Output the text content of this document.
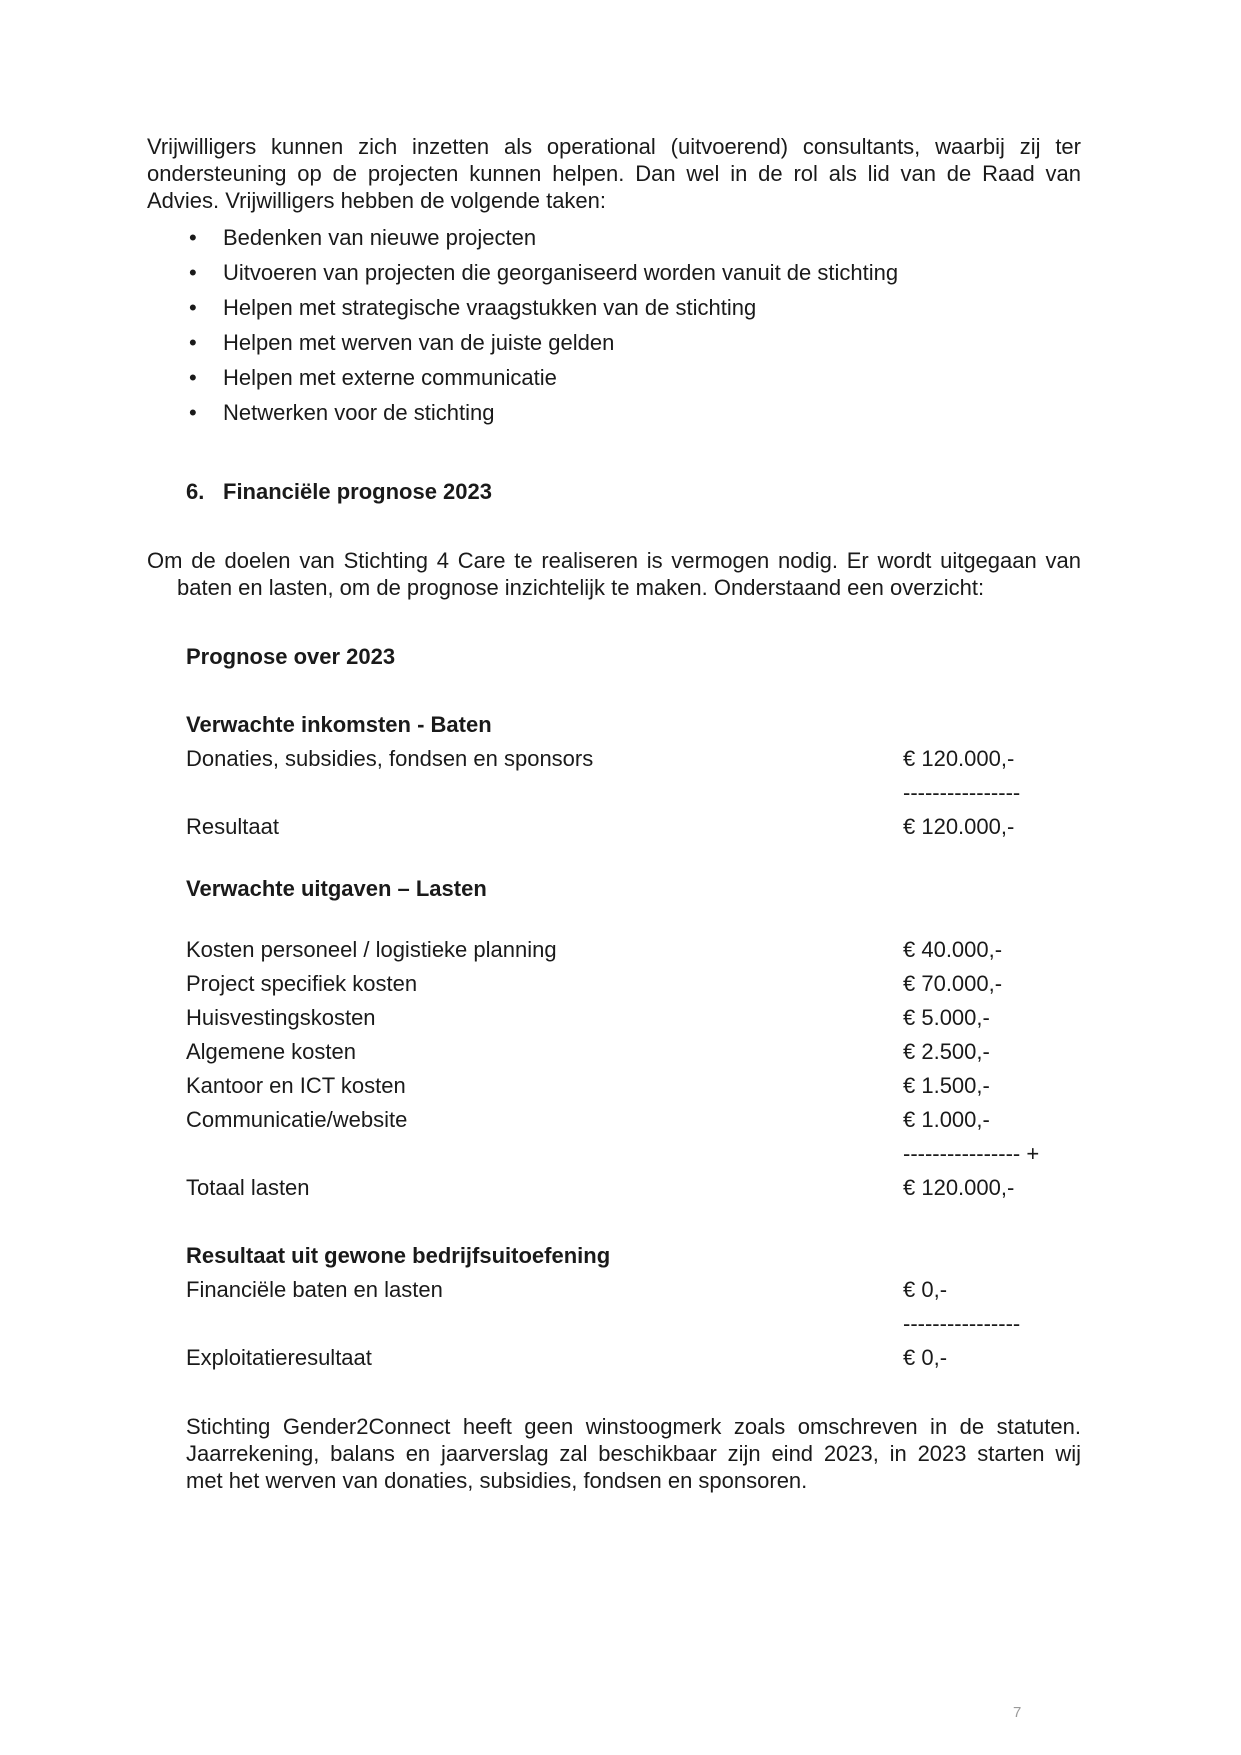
Vrijwilligers kunnen zich inzetten als operational (uitvoerend) consultants, waarbij zij ter
ondersteuning op de projecten kunnen helpen. Dan wel in de rol als lid van de Raad van
Advies. Vrijwilligers hebben de volgende taken:
• Bedenken van nieuwe projecten
• Uitvoeren van projecten die georganiseerd worden vanuit de stichting
• Helpen met strategische vraagstukken van de stichting
• Helpen met werven van de juiste gelden
• Helpen met externe communicatie
• Netwerken voor de stichting
6. Financiële prognose 2023
Om de doelen van Stichting 4 Care te realiseren is vermogen nodig. Er wordt uitgegaan van
baten en lasten, om de prognose inzichtelijk te maken. Onderstaand een overzicht:
Prognose over 2023
Verwachte inkomsten - Baten
Donaties, subsidies, fondsen en sponsors	€ 120.000,-
----------------
Resultaat	€ 120.000,-
Verwachte uitgaven – Lasten
Kosten personeel / logistieke planning	€ 40.000,-
Project specifiek kosten	€ 70.000,-
Huisvestingskosten	€ 5.000,-
Algemene kosten	€ 2.500,-
Kantoor en ICT kosten	€ 1.500,-
Communicatie/website	€ 1.000,-
---------------- +
Totaal lasten	€ 120.000,-
Resultaat uit gewone bedrijfsuitoefening
Financiële baten en lasten	€ 0,-
----------------
Exploitatieresultaat	€ 0,-
Stichting Gender2Connect heeft geen winstoogmerk zoals omschreven in de statuten.
Jaarrekening, balans en jaarverslag zal beschikbaar zijn eind 2023, in 2023 starten wij
met het werven van donaties, subsidies, fondsen en sponsoren.
7
